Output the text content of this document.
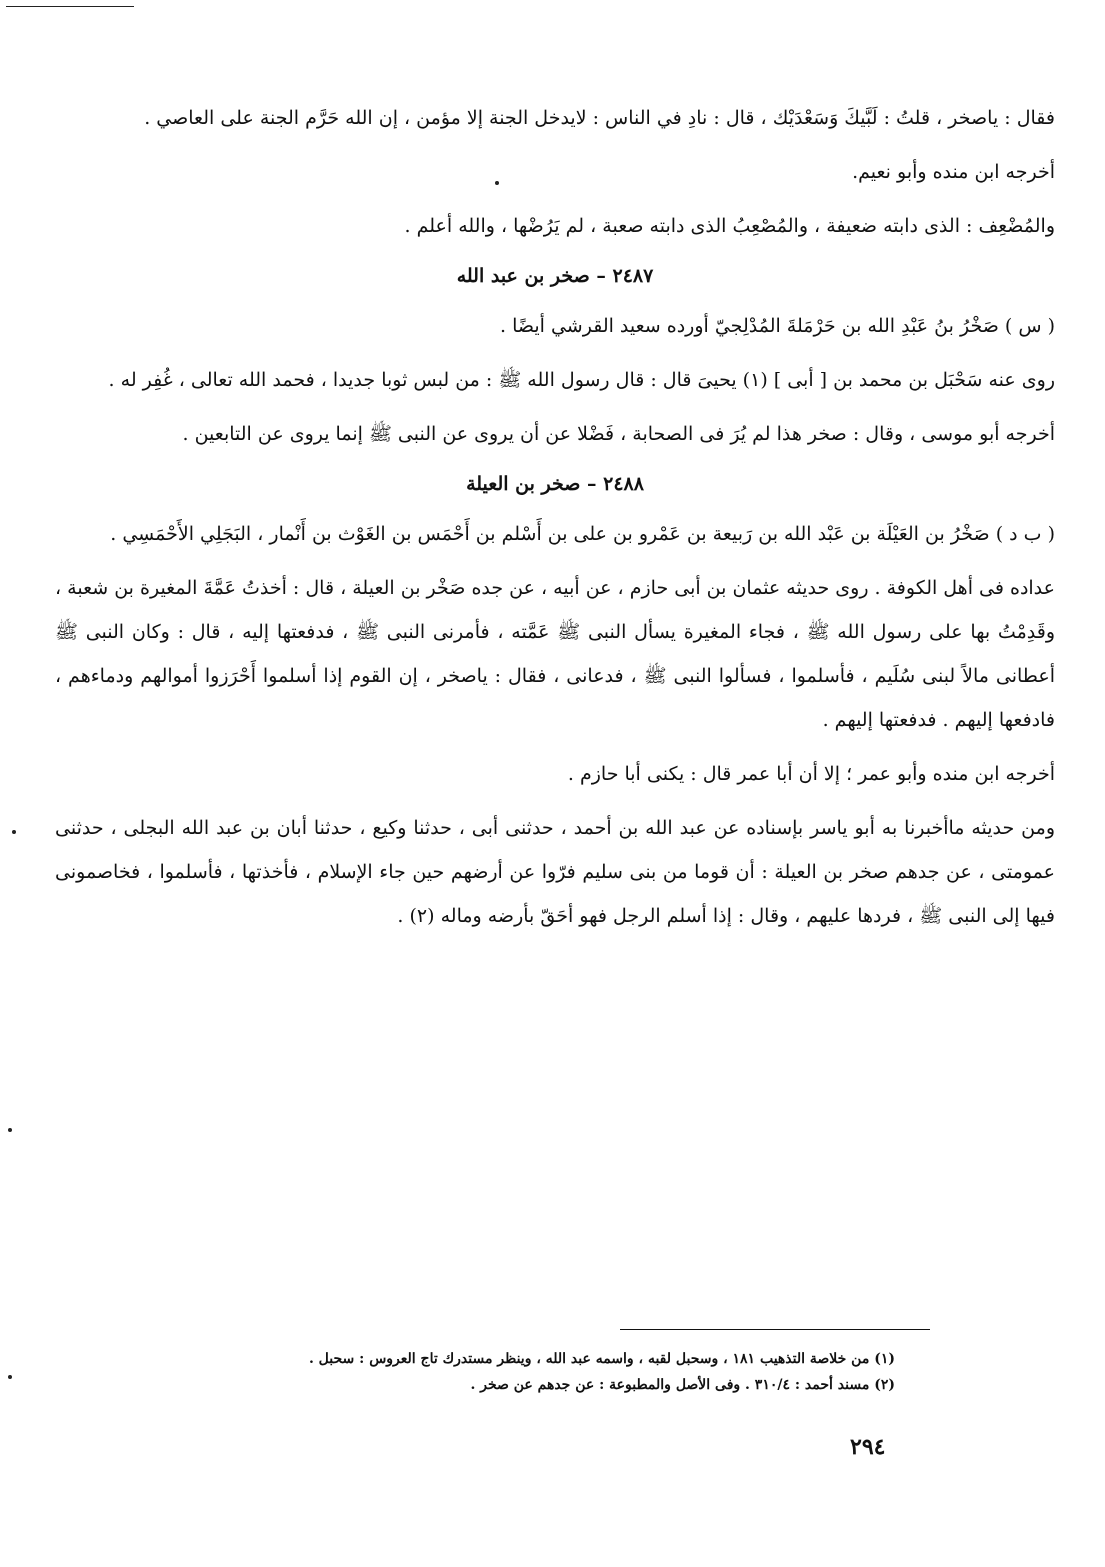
فقال : ياصخر ، قلتُ : لَبَّيكَ وَسَعْدَيْك ، قال : نادِ في الناس : لايدخل الجنة إلا مؤمن ، إن الله حَرَّم الجنة على العاصي .

أخرجه ابن منده وأبو نعيم.

والمُضْعِف : الذى دابته ضعيفة ، والمُصْعِبُ الذى دابته صعبة ، لم يَرُضْها ، والله أعلم .

٢٤٨٧ – صخر بن عبد الله

( س ) صَخْرُ بنُ عَبْدِ الله بن حَرْمَلةَ المُدْلِجيّ أورده سعيد القرشي أيضًا .

روى عنه سَحْبَل بن محمد بن [ أبى ] (١) يحيىَ قال : قال رسول الله ﷺ : من لبس ثوبا جديدا ، فحمد الله تعالى ، غُفِر له .

أخرجه أبو موسى ، وقال : صخر هذا لم يُرَ فى الصحابة ، فَضْلا عن أن يروى عن النبى ﷺ إنما يروى عن التابعين .

٢٤٨٨ – صخر بن العيلة

( ب د ) صَخْرُ بن العَيْلَة بن عَبْد الله بن رَبيعة بن عَمْرو بن على بن أَسْلم بن أَحْمَس بن الغَوْث بن أَنْمار ، البَجَلِي الأَحْمَسِي .

عداده فى أهل الكوفة . روى حديثه عثمان بن أبى حازم ، عن أبيه ، عن جده صَخْر بن العيلة ، قال : أخذتُ عَمَّةَ المغيرة بن شعبة ، وقَدِمْتُ بها على رسول الله ﷺ ، فجاء المغيرة يسأل النبى ﷺ عَمَّته ، فأمرنى النبى ﷺ ، فدفعتها إليه ، قال : وكان النبى ﷺ أعطانى مالاً لبنى سُلَيم ، فأسلموا ، فسألوا النبى ﷺ ، فدعانى ، فقال : ياصخر ، إن القوم إذا أسلموا أَحْرَزوا أموالهم ودماءهم ، فادفعها إليهم . فدفعتها إليهم .

أخرجه ابن منده وأبو عمر ؛ إلا أن أبا عمر قال : يكنى أبا حازم .

ومن حديثه ماأخبرنا به أبو ياسر بإسناده عن عبد الله بن أحمد ، حدثنى أبى ، حدثنا وكيع ، حدثنا أبان بن عبد الله البجلى ، حدثنى عمومتى ، عن جدهم صخر بن العيلة : أن قوما من بنى سليم فرّوا عن أرضهم حين جاء الإسلام ، فأخذتها ، فأسلموا ، فخاصمونى فيها إلى النبى ﷺ ، فردها عليهم ، وقال : إذا أسلم الرجل فهو أحَقّ بأرضه وماله (٢) .

(١) من خلاصة التذهيب ١٨١ ، وسحبل لقبه ، واسمه عبد الله ، وينظر مستدرك تاج العروس : سحبل .
(٢) مسند أحمد : ٣١٠/٤ . وفى الأصل والمطبوعة : عن جدهم عن صخر .
٢٩٤
